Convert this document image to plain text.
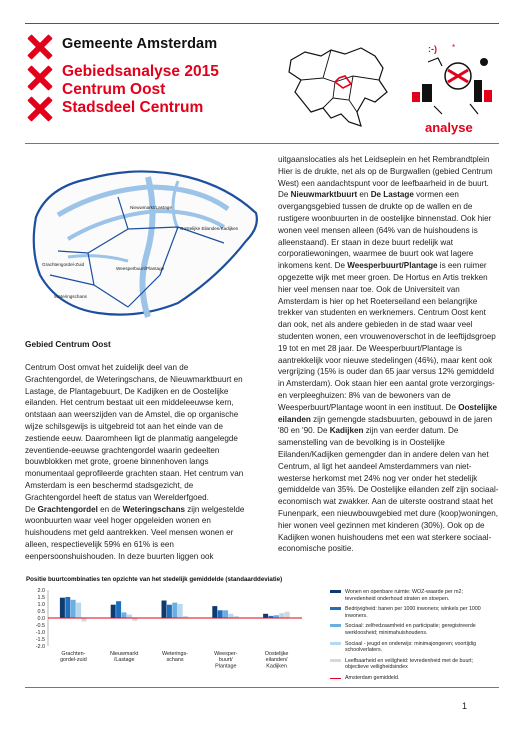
Gemeente Amsterdam
Gebiedsanalyse 2015
Centrum Oost
Stadsdeel Centrum
:-) *
analyse
Nieuwmarkt/Lastage
Oostelijke Eilanden/Kadijken
Grachtengordel-Zuid
Weesperbuurt/Plantage
Weteringschans
Gebied Centrum Oost

Centrum Oost omvat het zuidelijk deel van de

Grachtengordel, de Weteringschans, de Nieuwmarktbuurt en

Lastage, de Plantagebuurt, De Kadijken en de Oostelijke

eilanden. Het centrum bestaat uit een middeleeuwse kern,

ontstaan aan weerszijden van de Amstel, die op organische

wijze schilsgewijs is uitgebreid tot aan het einde van de

zestiende eeuw. Daaromheen ligt de planmatig aangelegde

zeventiende-eeuwse grachtengordel waarin gedeelten

bouwblokken met grote, groene binnenhoven langs

monumentaal geprofileerde grachten staan. Het centrum van

Amsterdam is een beschermd stadsgezicht, de

Grachtengordel heeft de status van Werelderfgoed.

De Grachtengordel en de Weteringschans zijn welgestelde

woonbuurten waar veel hoger opgeleiden wonen en

huishoudens met geld aantrekken. Veel mensen wonen er

alleen, respectievelijk 59% en 61% is een

eenpersoonshuishouden. In deze buurten liggen ook

uitgaanslocaties als het Leidseplein en het Rembrandtplein

Hier is de drukte, net als op de Burgwallen (gebied Centrum

West) een aandachtspunt voor de leefbaarheid in de buurt.

De Nieuwmarktbuurt en De Lastage vormen een

overgangsgebied tussen de drukte op de wallen en de

rustigere woonbuurten in de oostelijke binnenstad. Ook hier

wonen veel mensen alleen (64% van de huishoudens is

alleenstaand). Er staan in deze buurt redelijk wat

corporatiewoningen, waarmee de buurt ook wat lagere

inkomens kent. De Weesperbuurt/Plantage is een ruimer

opgezette wijk met meer groen. De Hortus en Artis trekken

hier veel mensen naar toe. Ook de Universiteit van

Amsterdam is hier op het Roeterseiland een belangrijke

trekker van studenten en werknemers. Centrum Oost kent

dan ook, net als andere gebieden in de stad waar veel

studenten wonen, een vrouwenoverschot in de leeftijdsgroep

19 tot en met 28 jaar. De Weesperbuurt/Plantage is

aantrekkelijk voor nieuwe stedelingen (46%), maar kent ook

vergrijzing (15% is ouder dan 65 jaar versus 12% gemiddeld

in Amsterdam). Ook staan hier een aantal grote verzorgings-

en verpleeghuizen: 8% van de bewoners van de

Weesperbuurt/Plantage woont in een instituut. De Oostelijke

eilanden zijn gemengde stadsbuurten, gebouwd in de jaren

'80 en '90. De Kadijken zijn van eerder datum. De

samenstelling van de bevolking is in Oostelijke

Eilanden/Kadijken gemengder dan in andere delen van het

Centrum, al ligt het aandeel Amsterdammers van niet-

westerse herkomst met 24% nog ver onder het stedelijk

gemiddelde van 35%. De Oostelijke eilanden zelf zijn sociaal-

economisch wat zwakker. Aan de uiterste oostrand staat het

Funenpark, een nieuwbouwgebied met dure (koop)woningen,

hier wonen veel gezinnen met kinderen (30%). Ook op de

Kadijken wonen huishoudens met een wat sterkere sociaal-

economische positie.

Positie buurtcombinaties ten opzichte van het stedelijk gemiddelde (standaarddeviatie)
2.0
1.5
1.0
0.5
0.0
-0.5
-1.0
-1.5
-2.0
Grachten-
gordel-zuid
Nieuwmarkt
/Lastage
Weterings-
schans
Weesper-
buurt/
Plantage
Oostelijke
eilanden/
Kadijken
Wonen en openbare ruimte: WOZ-waarde per m2; tevredenheid onderhoud straten en stoepen.
Bedrijvigheid: banen per 1000 inwoners; winkels per 1000 inwoners.
Sociaal: zelfredzaamheid en participatie; geregistreerde werkloosheid; minimahuishoudens.
Sociaal - jeugd en onderwijs: minimajongeren; voortijdig schoolverlaters.
Leefbaarheid en veiligheid: tevredenheid met de buurt; objectieve veiligheidsindex
Amsterdam gemiddeld.
1
